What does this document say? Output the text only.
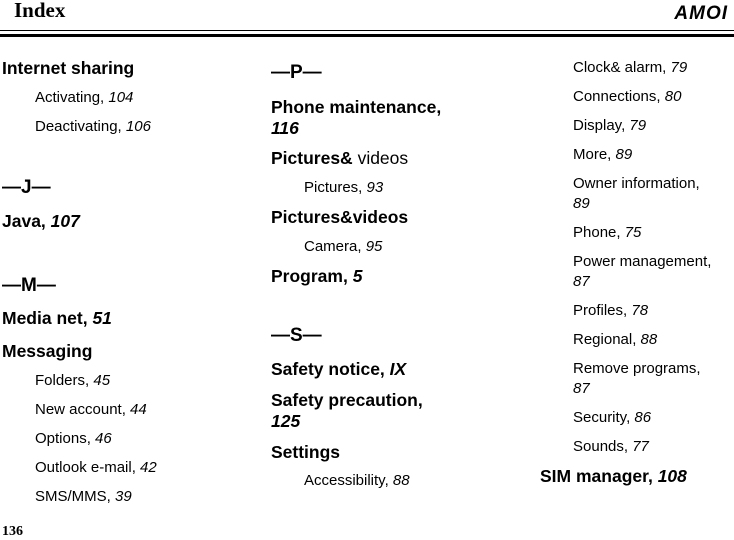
Index	AMOI
Internet sharing
Activating, 104
Deactivating, 106
—J—
Java, 107
—M—
Media net, 51
Messaging
Folders, 45
New account, 44
Options, 46
Outlook e-mail, 42
SMS/MMS, 39
—P—
Phone maintenance,
116
Pictures& videos
Pictures, 93
Pictures&videos
Camera, 95
Program, 5
—S—
Safety notice, IX
Safety precaution,
125
Settings
Accessibility, 88
Clock& alarm, 79
Connections, 80
Display, 79
More, 89
Owner information,
89
Phone, 75
Power management,
87
Profiles, 78
Regional, 88
Remove programs,
87
Security, 86
Sounds, 77
SIM manager, 108
136
